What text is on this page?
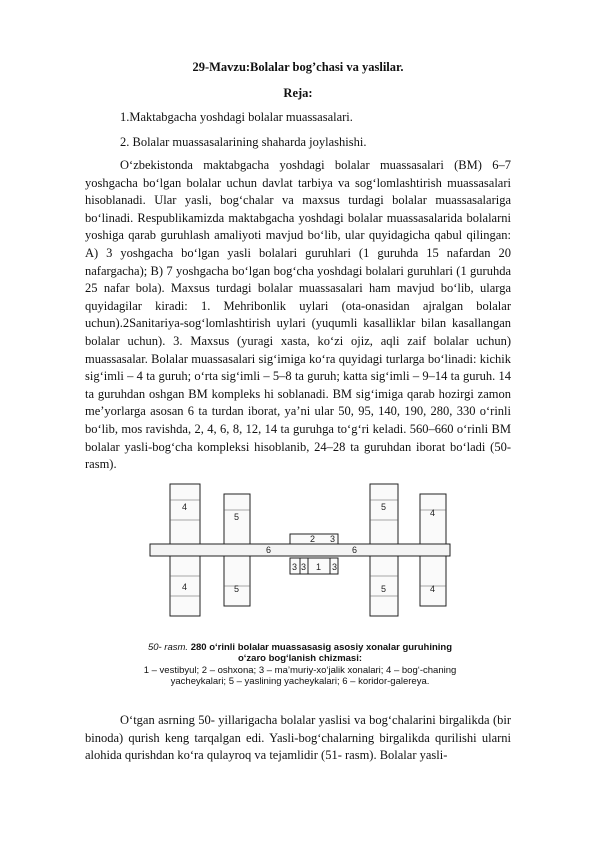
29-Mavzu:Bolalar bog’chasi va yaslilar.
Reja:
1.Maktabgacha yoshdagi bolalar muassasalari.
2. Bolalar muassasalarining shaharda joylashishi.

O‘zbekistonda maktabgacha yoshdagi bolalar muassasalari (BM) 6–7 yoshgacha bo‘lgan bolalar uchun davlat tarbiya va sog‘lomlashtirish muassasalari hisoblanadi. Ular yasli, bog‘chalar va maxsus turdagi bolalar muassasalariga bo‘linadi. Respublikamizda maktabgacha yoshdagi bolalar muassasalarida bolalarni yoshiga qarab guruhlash amaliyoti mavjud bo‘lib, ular quyidagicha qabul qilingan: A) 3 yoshgacha bo‘lgan yasli bolalari guruhlari (1 guruhda 15 nafardan 20 nafargacha); B) 7 yoshgacha bo‘lgan bog‘cha yoshdagi bolalari guruhlari (1 guruhda 25 nafar bola). Maxsus turdagi bolalar muassasalari ham mavjud bo‘lib, ularga quyidagilar kiradi: 1. Mehribonlik uylari (ota-onasidan ajralgan bolalar uchun).2Sanitariya-sog‘lomlashtirish uylari (yuqumli kasalliklar bilan kasallangan bolalar uchun). 3. Maxsus (yuragi xasta, ko‘zi ojiz, aqli zaif bolalar uchun) muassasalar. Bolalar muassasalari sig‘imiga ko‘ra quyidagi turlarga bo‘linadi: kichik sig‘imli – 4 ta guruh; o‘rta sig‘imli – 5–8 ta guruh; katta sig‘imli – 9–14 ta guruh. 14 ta guruhdan oshgan BM kompleks hi soblanadi. BM sig‘imiga qarab hozirgi zamon me’yorlarga asosan 6 ta turdan iborat, ya’ni ular 50, 95, 140, 190, 280, 330 o‘rinli bo‘lib, mos ravishda, 2, 4, 6, 8, 12, 14 ta guruhga to‘g‘ri keladi. 560–660 o‘rinli BM bolalar yasli-bog‘cha kompleksi hisoblanib, 24–28 ta guruhdan iborat bo‘ladi (50- rasm).

4
4
5
5
5
5
4
4
2 3
3 3 1 3
6	6
50- rasm. 280 o‘rinli bolalar muassasasig asosiy xonalar guruhining o‘zaro bog‘lanish chizmasi:
1 – vestibyul; 2 – oshxona; 3 – ma’muriy-xo‘jalik xonalari; 4 – bog‘-chaning yacheykalari; 5 – yaslining yacheykalari; 6 – koridor-galereya.

O‘tgan asrning 50- yillarigacha bolalar yaslisi va bog‘chalarini birgalikda (bir binoda) qurish keng tarqalgan edi. Yasli-bog‘chalarning birgalikda qurilishi ularni alohida qurishdan ko‘ra qulayroq va tejamlidir (51- rasm). Bolalar yasli-
